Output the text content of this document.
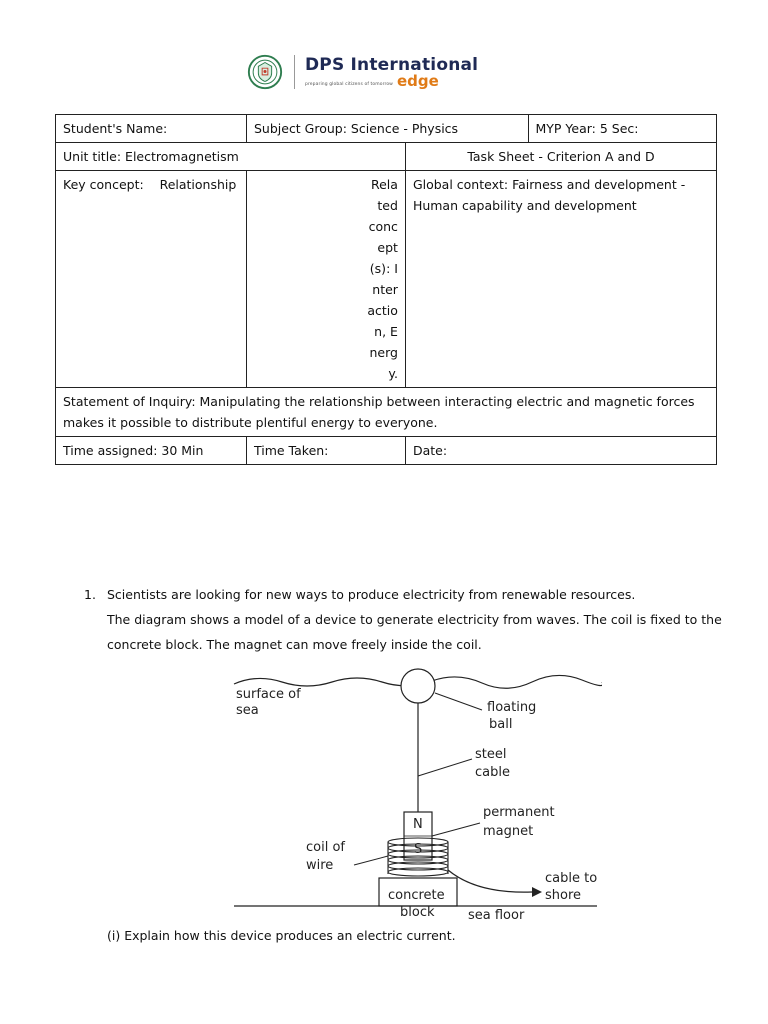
DPS International
preparing global citizens of tomorrow edge
Student's Name:	Subject Group: Science - Physics		MYP Year: 5 Sec:
Unit title: Electromagnetism		Task Sheet - Criterion A and D	
Key concept:    Relationship	Related concept(s): Interaction, Energy.	Global context: Fairness and development - Human capability and development	
Statement of Inquiry: Manipulating the relationship between interacting electric and magnetic forces makes it possible to distribute plentiful energy to everyone.			
Time assigned: 30 Min	Time Taken:	Date:	
1. Scientists are looking for new ways to produce electricity from renewable resources.
The diagram shows a model of a device to generate electricity from waves. The coil is fixed to the concrete block. The magnet can move freely inside the coil.
surface of
sea	floating
ball
steel
cable
permanent
magnet
coil of
wire
cable to
shore
concrete
block	sea floor
N
S
(i) Explain how this device produces an electric current.
